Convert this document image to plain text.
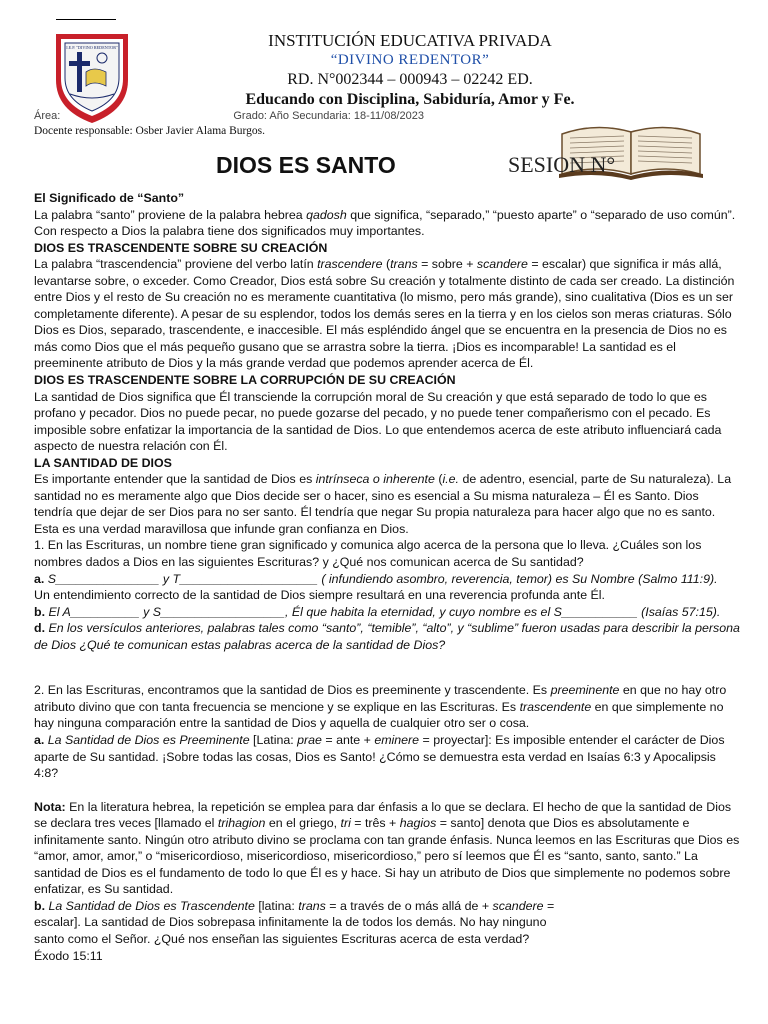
I.E.P. "DIVINO REDENTOR"	INSTITUCIÓN EDUCATIVA PRIVADA
“DIVINO REDENTOR”
RD. N°002344 – 000943 – 02242 ED.
Educando con Disciplina, Sabiduría, Amor y Fe.
Área:	Grado: Año Secundaria: 18-11/08/2023
Docente responsable: Osber Javier Alama Burgos.
DIOS ES SANTO	SESION N°

El Significado de “Santo”

La palabra “santo” proviene de la palabra hebrea qadosh que significa, “separado,” “puesto aparte” o “separado de uso común”. Con respecto a Dios la palabra tiene dos significados muy importantes.

DIOS ES TRASCENDENTE SOBRE SU CREACIÓN

La palabra “trascendencia” proviene del verbo latín trascendere (trans = sobre + scandere = escalar) que significa ir más allá, levantarse sobre, o exceder. Como Creador, Dios está sobre Su creación y totalmente distinto de cada ser creado. La distinción entre Dios y el resto de Su creación no es meramente cuantitativa (lo mismo, pero más grande), sino cualitativa (Dios es un ser completamente diferente). A pesar de su esplendor, todos los demás seres en la tierra y en los cielos son meras criaturas. Sólo Dios es Dios, separado, trascendente, e inaccesible. El más espléndido ángel que se encuentra en la presencia de Dios no es más como Dios que el más pequeño gusano que se arrastra sobre la tierra. ¡Dios es incomparable! La santidad es el preeminente atributo de Dios y la más grande verdad que podemos aprender acerca de Él.

DIOS ES TRASCENDENTE SOBRE LA CORRUPCIÓN DE SU CREACIÓN

La santidad de Dios significa que Él transciende la corrupción moral de Su creación y que está separado de todo lo que es profano y pecador. Dios no puede pecar, no puede gozarse del pecado, y no puede tener compañerismo con el pecado. Es imposible sobre enfatizar la importancia de la santidad de Dios. Lo que entendemos acerca de este atributo influenciará cada aspecto de nuestra relación con Él.

LA SANTIDAD DE DIOS

Es importante entender que la santidad de Dios es intrínseca o inherente (i.e. de adentro, esencial, parte de Su naturaleza). La santidad no es meramente algo que Dios decide ser o hacer, sino es esencial a Su misma naturaleza – Él es Santo. Dios tendría que dejar de ser Dios para no ser santo. Él tendría que negar Su propia naturaleza para hacer algo que no es santo. Esta es una verdad maravillosa que infunde gran confianza en Dios.

1. En las Escrituras, un nombre tiene gran significado y comunica algo acerca de la persona que lo lleva. ¿Cuáles son los nombres dados a Dios en las siguientes Escrituras? y ¿Qué nos comunican acerca de Su santidad?

a. S_______________ y T____________________ ( infundiendo asombro, reverencia, temor) es Su Nombre (Salmo 111:9).

Un entendimiento correcto de la santidad de Dios siempre resultará en una reverencia profunda ante Él.

b. El A__________ y S__________________, Él que habita la eternidad, y cuyo nombre es el S___________ (Isaías 57:15).

d. En los versículos anteriores, palabras tales como “santo”, “temible”, “alto”, y “sublime” fueron usadas para describir la persona de Dios ¿Qué te comunican estas palabras acerca de la santidad de Dios?

2. En las Escrituras, encontramos que la santidad de Dios es preeminente y trascendente. Es preeminente en que no hay otro atributo divino que con tanta frecuencia se mencione y se explique en las Escrituras. Es trascendente en que simplemente no hay ninguna comparación entre la santidad de Dios y aquella de cualquier otro ser o cosa.

a. La Santidad de Dios es Preeminente [Latina: prae = ante + eminere = proyectar]: Es imposible entender el carácter de Dios aparte de Su santidad. ¡Sobre todas las cosas, Dios es Santo! ¿Cómo se demuestra esta verdad en Isaías 6:3 y Apocalipsis 4:8?

Nota: En la literatura hebrea, la repetición se emplea para dar énfasis a lo que se declara. El hecho de que la santidad de Dios se declara tres veces [llamado el trihagion en el griego, tri = três + hagios = santo] denota que Dios es absolutamente e infinitamente santo. Ningún otro atributo divino se proclama con tan grande énfasis. Nunca leemos en las Escrituras que Dios es “amor, amor, amor,” o “misericordioso, misericordioso, misericordioso,” pero sí leemos que Él es “santo, santo, santo.” La santidad de Dios es el fundamento de todo lo que Él es y hace. Si hay un atributo de Dios que simplemente no podemos sobre enfatizar, es Su santidad.

b. La Santidad de Dios es Trascendente [latina: trans = a través de o más allá de + scandere =

escalar]. La santidad de Dios sobrepasa infinitamente la de todos los demás. No hay ninguno

santo como el Señor. ¿Qué nos enseñan las siguientes Escrituras acerca de esta verdad?

Éxodo 15:11
